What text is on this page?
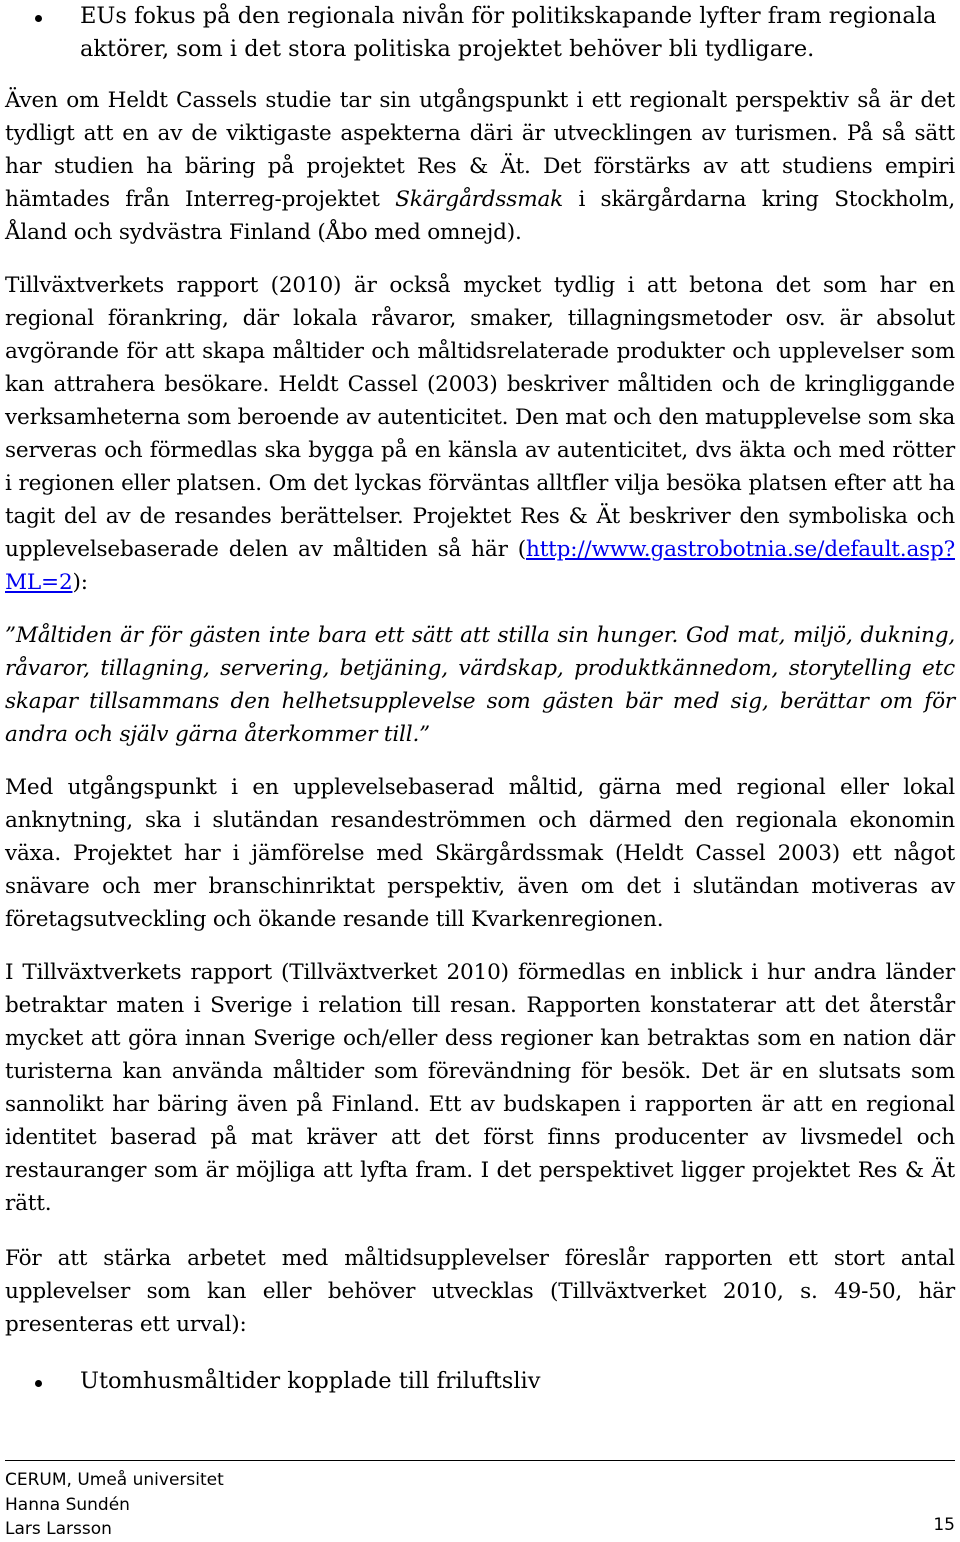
EUs fokus på den regionala nivån för politikskapande lyfter fram regionala aktörer, som i det stora politiska projektet behöver bli tydligare.

Även om Heldt Cassels studie tar sin utgångspunkt i ett regionalt perspektiv så är det tydligt att en av de viktigaste aspekterna däri är utvecklingen av turismen. På så sätt har studien ha bäring på projektet Res & Ät. Det förstärks av att studiens empiri hämtades från Interreg-projektet Skärgårdssmak i skärgårdarna kring Stockholm, Åland och sydvästra Finland (Åbo med omnejd).

Tillväxtverkets rapport (2010) är också mycket tydlig i att betona det som har en regional förankring, där lokala råvaror, smaker, tillagningsmetoder osv. är absolut avgörande för att skapa måltider och måltidsrelaterade produkter och upplevelser som kan attrahera besökare. Heldt Cassel (2003) beskriver måltiden och de kringliggande verksamheterna som beroende av autenticitet. Den mat och den matupplevelse som ska serveras och förmedlas ska bygga på en känsla av autenticitet, dvs äkta och med rötter i regionen eller platsen. Om det lyckas förväntas alltfler vilja besöka platsen efter att ha tagit del av de resandes berättelser. Projektet Res & Ät beskriver den symboliska och upplevelsebaserade delen av måltiden så här (http://www.gastrobotnia.se/default.asp?ML=2):

”Måltiden är för gästen inte bara ett sätt att stilla sin hunger. God mat, miljö, dukning, råvaror, tillagning, servering, betjäning, värdskap, produktkännedom, storytelling etc skapar tillsammans den helhetsupplevelse som gästen bär med sig, berättar om för andra och själv gärna återkommer till.”

Med utgångspunkt i en upplevelsebaserad måltid, gärna med regional eller lokal anknytning, ska i slutändan resandeströmmen och därmed den regionala ekonomin växa. Projektet har i jämförelse med Skärgårdssmak (Heldt Cassel 2003) ett något snävare och mer branschinriktat perspektiv, även om det i slutändan motiveras av företagsutveckling och ökande resande till Kvarkenregionen.

I Tillväxtverkets rapport (Tillväxtverket 2010) förmedlas en inblick i hur andra länder betraktar maten i Sverige i relation till resan. Rapporten konstaterar att det återstår mycket att göra innan Sverige och/eller dess regioner kan betraktas som en nation där turisterna kan använda måltider som förevändning för besök. Det är en slutsats som sannolikt har bäring även på Finland. Ett av budskapen i rapporten är att en regional identitet baserad på mat kräver att det först finns producenter av livsmedel och restauranger som är möjliga att lyfta fram. I det perspektivet ligger projektet Res & Ät rätt.

För att stärka arbetet med måltidsupplevelser föreslår rapporten ett stort antal upplevelser som kan eller behöver utvecklas (Tillväxtverket 2010, s. 49-50, här presenteras ett urval):

Utomhusmåltider kopplade till friluftsliv
CERUM, Umeå universitet
Hanna Sundén
Lars Larsson	15
